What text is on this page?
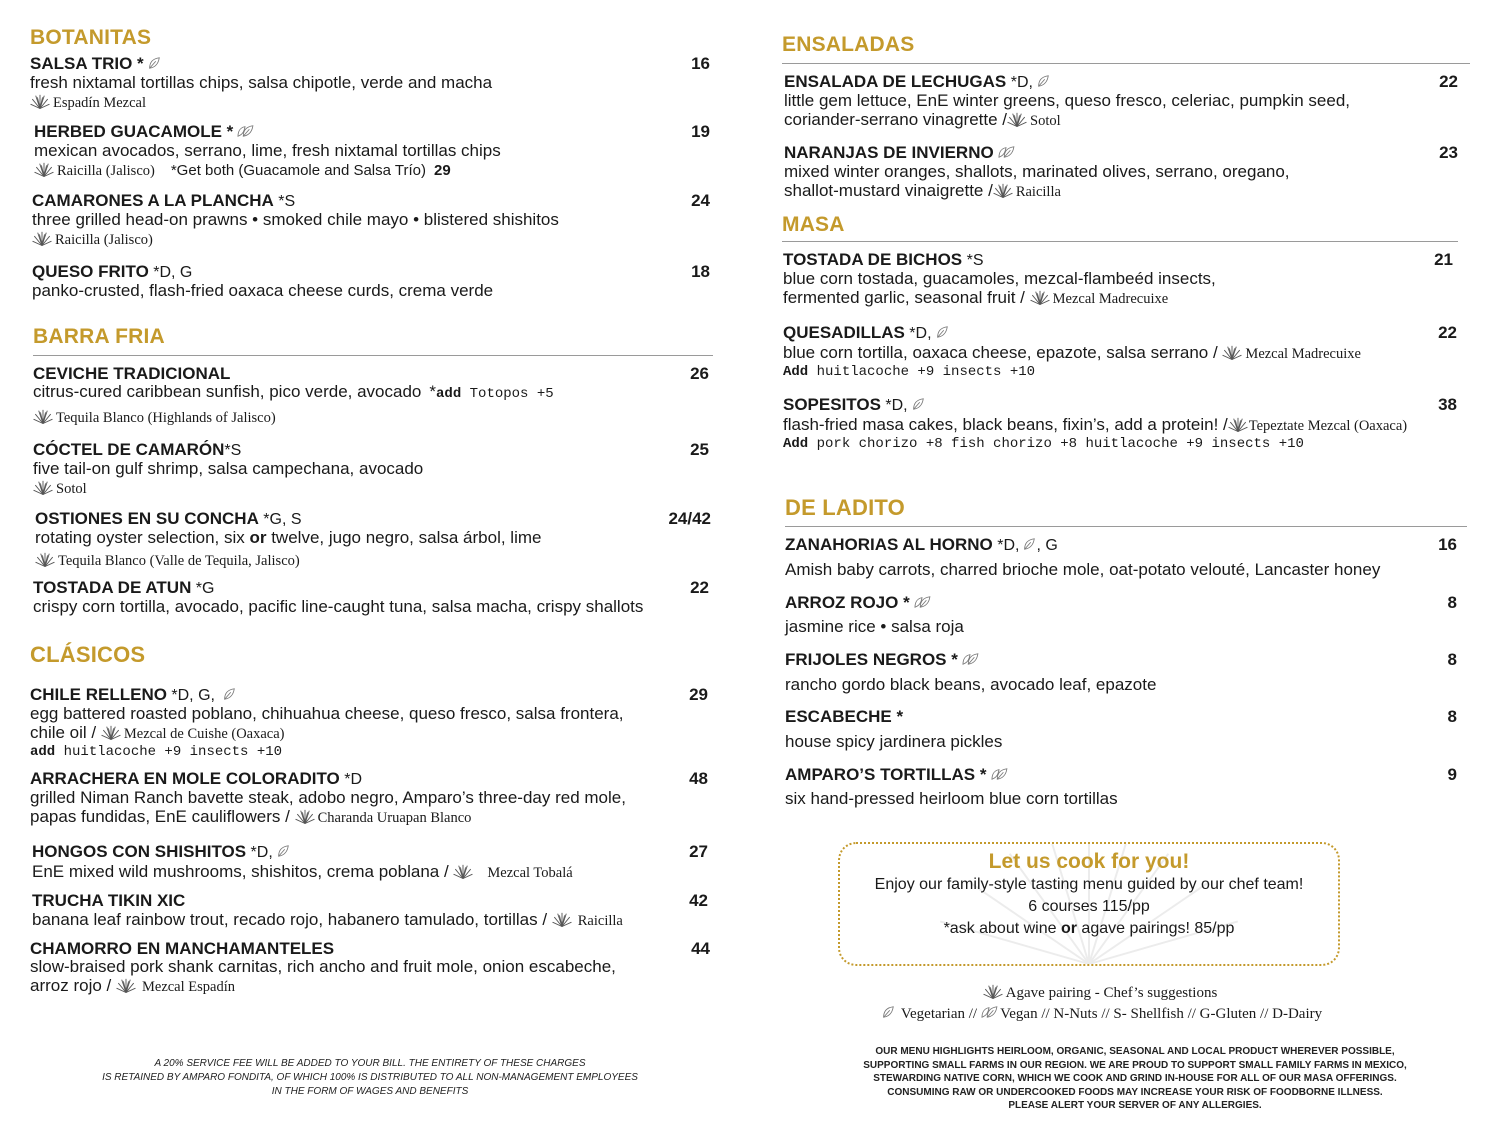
BOTANITAS
SALSA TRIO *	16
fresh nixtamal tortillas chips, salsa chipotle, verde and macha
Espadín Mezcal
HERBED GUACAMOLE *	19
mexican avocados, serrano, lime, fresh nixtamal tortillas chips
Raicilla (Jalisco) *Get both (Guacamole and Salsa Trío) 29
CAMARONES A LA PLANCHA *S	24
three grilled head-on prawns • smoked chile mayo • blistered shishitos
Raicilla (Jalisco)
QUESO FRITO *D, G	18
panko-crusted, flash-fried oaxaca cheese curds, crema verde
BARRA FRIA
CEVICHE TRADICIONAL	26
citrus-cured caribbean sunfish, pico verde, avocado *add Totopos +5
Tequila Blanco (Highlands of Jalisco)
CÓCTEL DE CAMARÓN*S	25
five tail-on gulf shrimp, salsa campechana, avocado
Sotol
OSTIONES EN SU CONCHA *G, S	24/42
rotating oyster selection, six or twelve, jugo negro, salsa árbol, lime
Tequila Blanco (Valle de Tequila, Jalisco)
TOSTADA DE ATUN *G	22
crispy corn tortilla, avocado, pacific line-caught tuna, salsa macha, crispy shallots
CLÁSICOS
CHILE RELLENO *D, G,	29
egg battered roasted poblano, chihuahua cheese, queso fresco, salsa frontera,
chile oil /
Mezcal de Cuishe (Oaxaca)
add huitlacoche +9 insects +10
ARRACHERA EN MOLE COLORADITO *D	48
grilled Niman Ranch bavette steak, adobo negro, Amparo’s three-day red mole,
papas fundidas, EnE cauliflowers /
Charanda Uruapan Blanco
HONGOS CON SHISHITOS *D,	27
EnE mixed wild mushrooms, shishitos, crema poblana /
Mezcal Tobalá
TRUCHA TIKIN XIC	42
banana leaf rainbow trout, recado rojo, habanero tamulado, tortillas /
Raicilla
CHAMORRO EN MANCHAMANTELES	44
slow-braised pork shank carnitas, rich ancho and fruit mole, onion escabeche,
arroz rojo /
Mezcal Espadín
A 20% SERVICE FEE WILL BE ADDED TO YOUR BILL. THE ENTIRETY OF THESE CHARGES
IS RETAINED BY AMPARO FONDITA, OF WHICH 100% IS DISTRIBUTED TO ALL NON-MANAGEMENT EMPLOYEES
IN THE FORM OF WAGES AND BENEFITS
ENSALADAS
ENSALADA DE LECHUGAS *D,	22
little gem lettuce, EnE winter greens, queso fresco, celeriac, pumpkin seed,
coriander-serrano vinagrette / Sotol
NARANJAS DE INVIERNO	23
mixed winter oranges, shallots, marinated olives, serrano, oregano,
shallot-mustard vinaigrette / Raicilla
MASA
TOSTADA DE BICHOS *S	21
blue corn tostada, guacamoles, mezcal-flambeéd insects,
fermented garlic, seasonal fruit /
Mezcal Madrecuixe
QUESADILLAS *D,	22
blue corn tortilla, oaxaca cheese, epazote, salsa serrano /
Mezcal Madrecuixe
Add huitlacoche +9 insects +10
SOPESITOS *D,	38
flash-fried masa cakes, black beans, fixin’s, add a protein! / Tepeztate Mezcal (Oaxaca)
Add pork chorizo +8 fish chorizo +8 huitlacoche +9 insects +10
DE LADITO
ZANAHORIAS AL HORNO *D, , G	16
Amish baby carrots, charred brioche mole, oat-potato velouté, Lancaster honey
ARROZ ROJO *	8
jasmine rice • salsa roja
FRIJOLES NEGROS *	8
rancho gordo black beans, avocado leaf, epazote
ESCABECHE *	8
house spicy jardinera pickles
AMPARO’S TORTILLAS *	9
six hand-pressed heirloom blue corn tortillas
Let us cook for you!
Enjoy our family-style tasting menu guided by our chef team!
6 courses 115/pp
*ask about wine or agave pairings! 85/pp
Agave pairing - Chef’s suggestions
Vegetarian // Vegan // N-Nuts // S- Shellfish // G-Gluten // D-Dairy
OUR MENU HIGHLIGHTS HEIRLOOM, ORGANIC, SEASONAL AND LOCAL PRODUCT WHEREVER POSSIBLE,
SUPPORTING SMALL FARMS IN OUR REGION. WE ARE PROUD TO SUPPORT SMALL FAMILY FARMS IN MEXICO,
STEWARDING NATIVE CORN, WHICH WE COOK AND GRIND IN-HOUSE FOR ALL OF OUR MASA OFFERINGS.
CONSUMING RAW OR UNDERCOOKED FOODS MAY INCREASE YOUR RISK OF FOODBORNE ILLNESS.
PLEASE ALERT YOUR SERVER OF ANY ALLERGIES.
